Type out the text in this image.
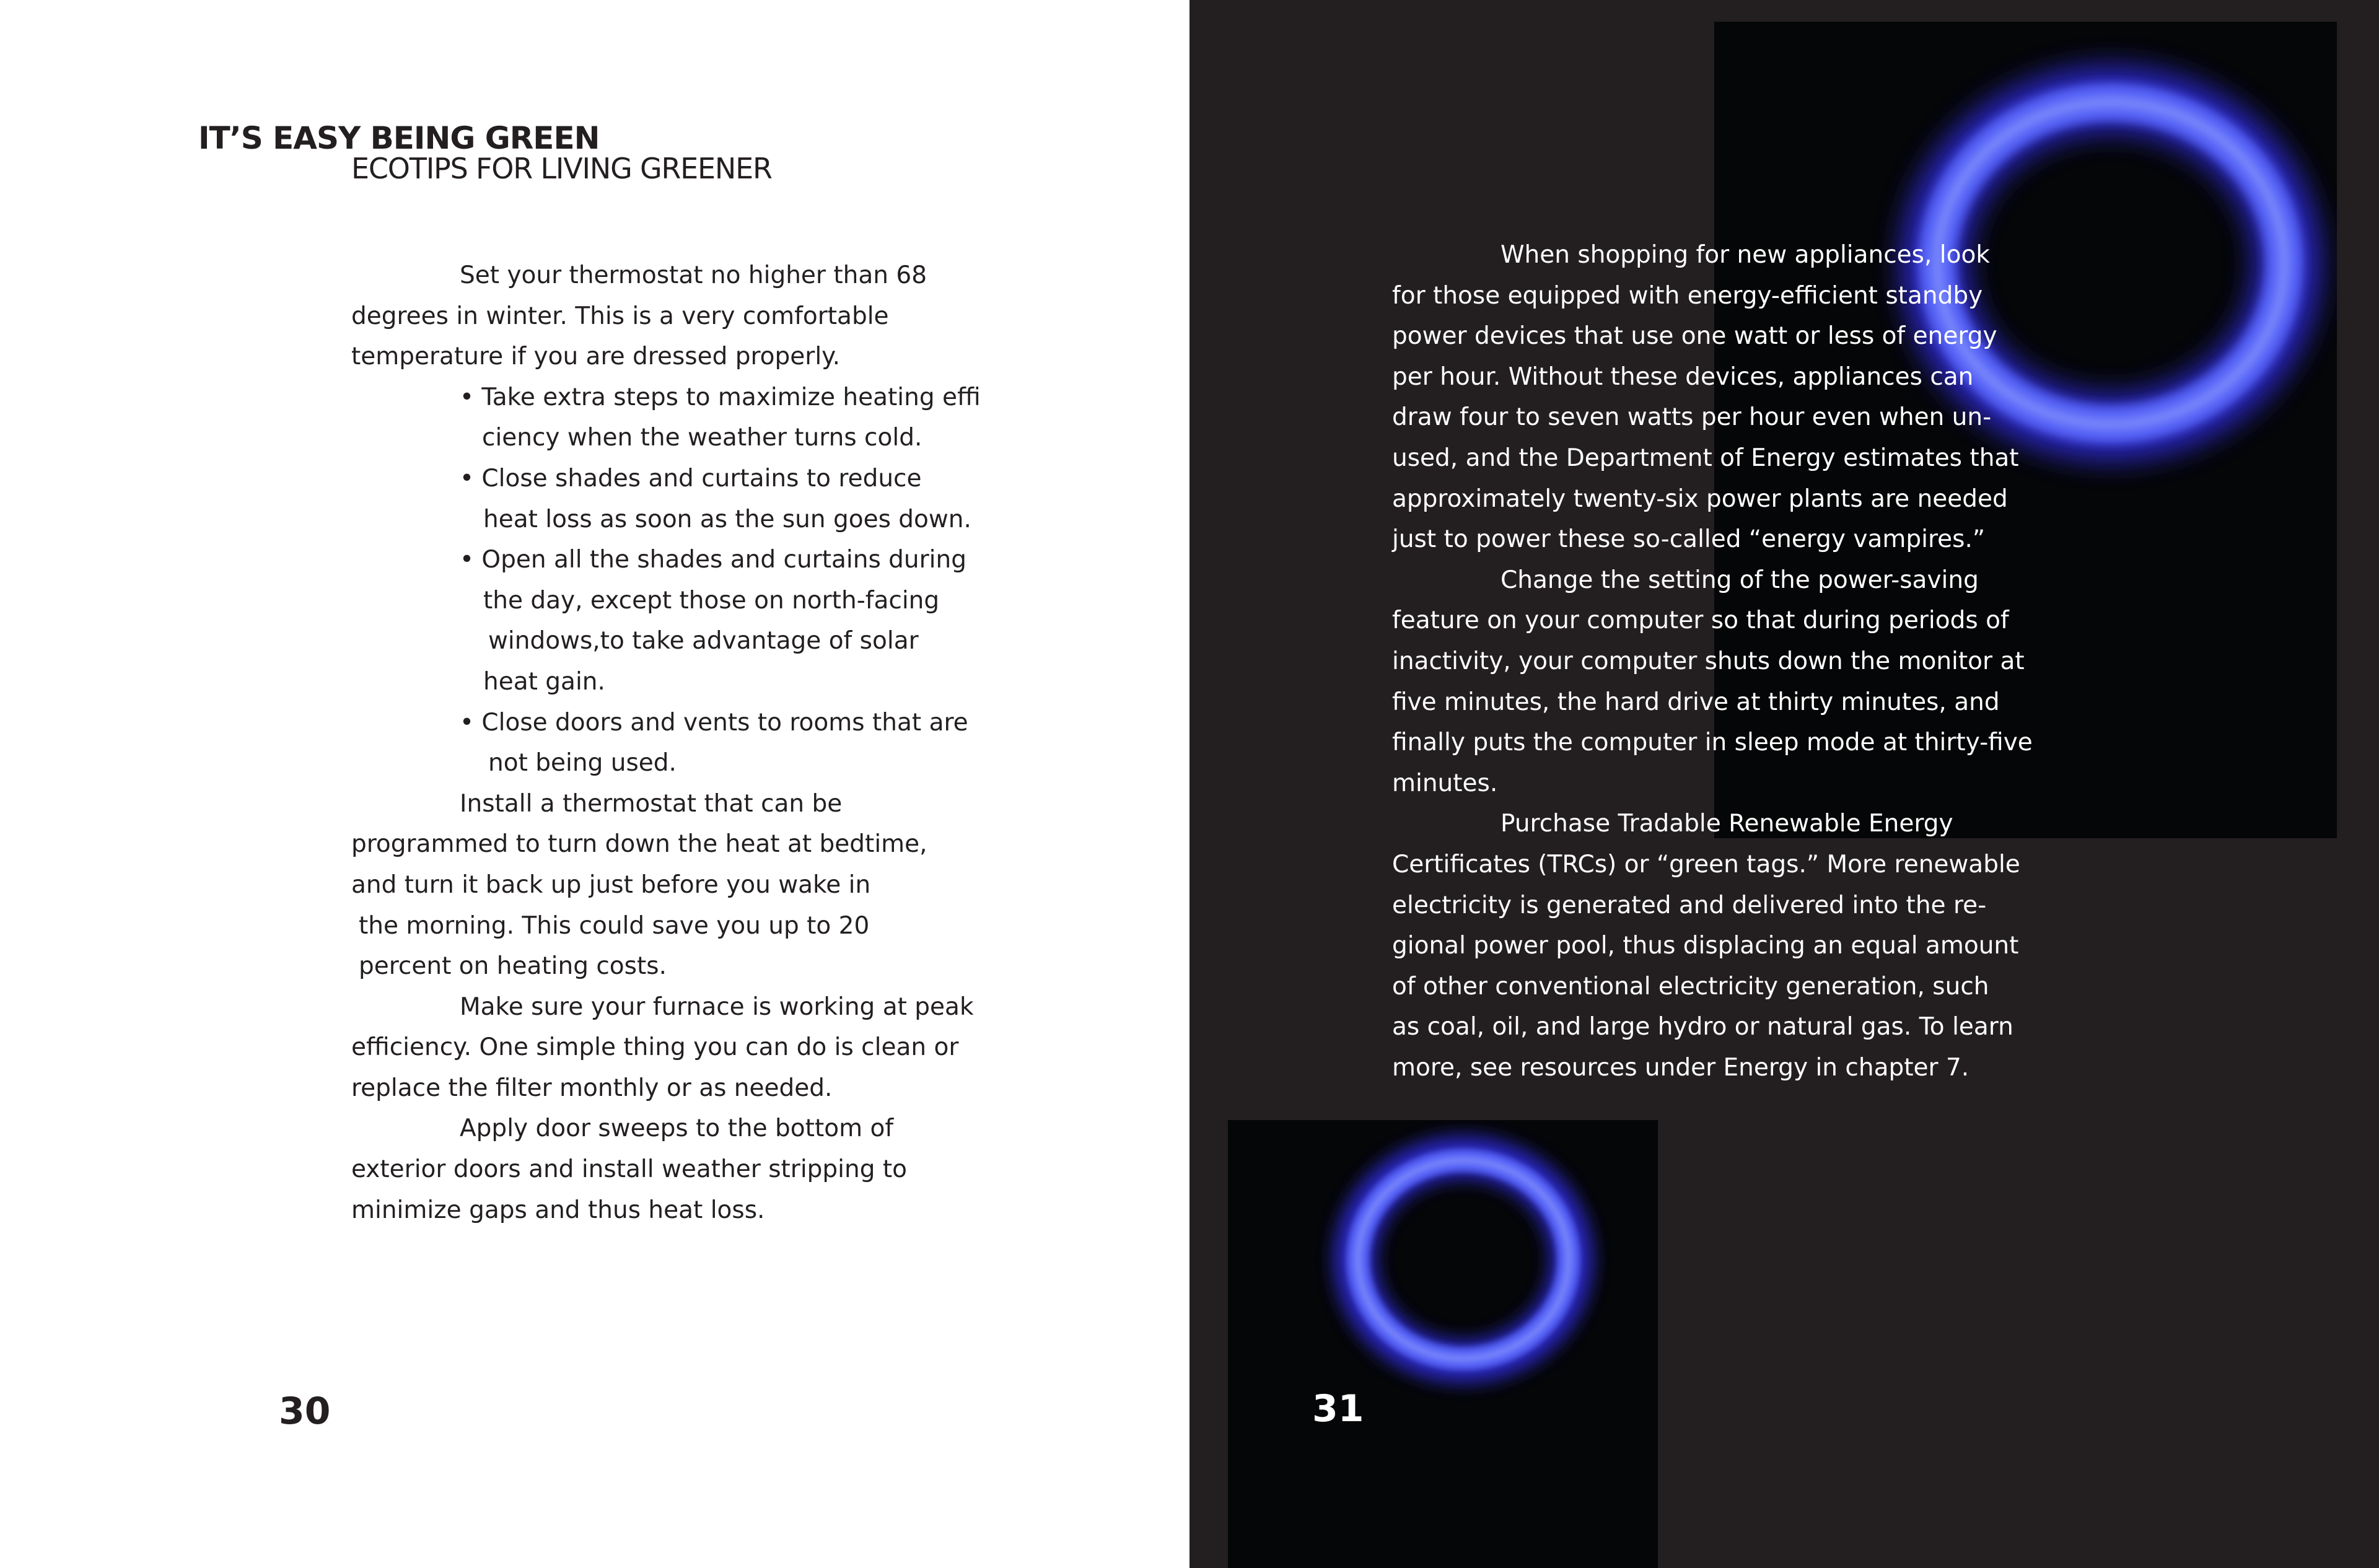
IT’S EASY BEING GREEN
ECOTIPS FOR LIVING GREENER
Set your thermostat no higher than 68
degrees in winter. This is a very comfortable
temperature if you are dressed properly.
• Take extra steps to maximize heating effi
ciency when the weather turns cold.
• Close shades and curtains to reduce
heat loss as soon as the sun goes down.
• Open all the shades and curtains during
the day, except those on north-facing
windows,to take advantage of solar
heat gain.
• Close doors and vents to rooms that are
not being used.
Install a thermostat that can be
programmed to turn down the heat at bedtime,
and turn it back up just before you wake in
the morning. This could save you up to 20
percent on heating costs.
Make sure your furnace is working at peak
efficiency. One simple thing you can do is clean or
replace the filter monthly or as needed.
Apply door sweeps to the bottom of
exterior doors and install weather stripping to
minimize gaps and thus heat loss.
30
When shopping for new appliances, look
for those equipped with energy-efficient standby
power devices that use one watt or less of energy
per hour. Without these devices, appliances can
draw four to seven watts per hour even when un-
used, and the Department of Energy estimates that
approximately twenty-six power plants are needed
just to power these so-called “energy vampires.”
Change the setting of the power-saving
feature on your computer so that during periods of
inactivity, your computer shuts down the monitor at
five minutes, the hard drive at thirty minutes, and
finally puts the computer in sleep mode at thirty-five
minutes.
Purchase Tradable Renewable Energy
Certificates (TRCs) or “green tags.” More renewable
electricity is generated and delivered into the re-
gional power pool, thus displacing an equal amount
of other conventional electricity generation, such
as coal, oil, and large hydro or natural gas. To learn
more, see resources under Energy in chapter 7.
31
